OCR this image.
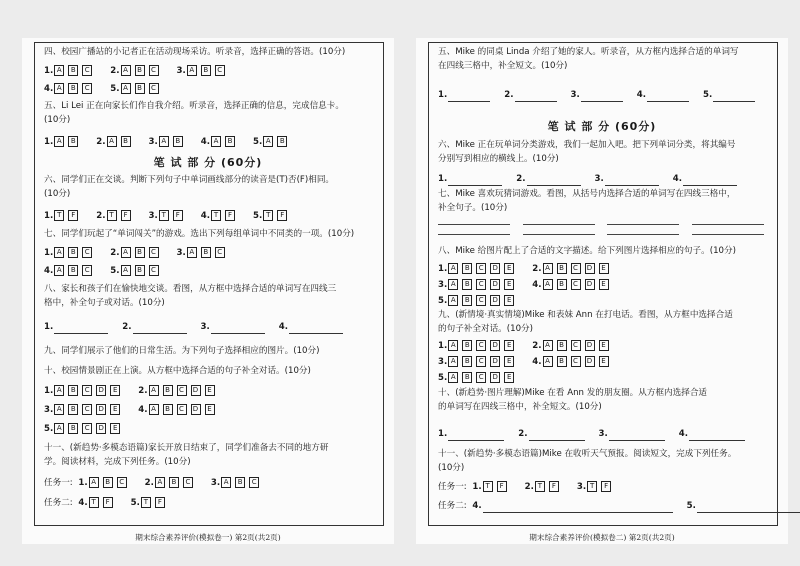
四、校园广播站的小记者正在活动现场采访。听录音，选择正确的答语。(10分)
1. A B C 2. A B C 3. A B C
4. A B C 5. A B C
五、Li Lei 正在向家长们作自我介绍。听录音，选择正确的信息，完成信息卡。
(10分)
1. A B 2. A B 3. A B 4. A B 5. A B
笔 试 部 分 (60分)
六、同学们正在交谈。判断下列句子中单词画线部分的读音是(T)否(F)相同。
(10分)
1. T F 2. T F 3. T F 4. T F 5. T F
七、同学们玩起了“单词闯关”的游戏。选出下列每组单词中不同类的一项。(10分)
1. A B C 2. A B C 3. A B C
4. A B C 5. A B C
八、家长和孩子们在愉快地交谈。看图，从方框中选择合适的单词写在四线三
格中，补全句子或对话。(10分)
1.	2.	3.	4.
九、同学们展示了他们的日常生活。为下列句子选择相应的图片。(10分)
十、校园情景剧正在上演。从方框中选择合适的句子补全对话。(10分)
1. A B C D E 2. A B C D E
3. A B C D E 4. A B C D E
5. A B C D E
十一、(新趋势·多模态语篇)家长开放日结束了，同学们准备去不同的地方研
学。阅读材料，完成下列任务。(10分)
任务一: 1. A B C 2. A B C 3. A B C
任务二: 4. T F 5. T F
期末综合素养评价(模拟卷一) 第2页(共2页)
五、Mike 的同桌 Linda 介绍了她的家人。听录音，从方框内选择合适的单词写
在四线三格中，补全短文。(10分)
1.	2.	3.	4.	5.
笔 试 部 分 (60分)
六、Mike 正在玩单词分类游戏，我们一起加入吧。把下列单词分类，将其编号
分别写到相应的横线上。(10分)
1.	2.	3.	4.
七、Mike 喜欢玩猜词游戏。看图，从括号内选择合适的单词写在四线三格中，
补全句子。(10分)

八、Mike 给图片配上了合适的文字描述。给下列图片选择相应的句子。(10分)
1. A B C D E 2. A B C D E
3. A B C D E 4. A B C D E
5. A B C D E
九、(新情境·真实情境)Mike 和表妹 Ann 在打电话。看图，从方框中选择合适
的句子补全对话。(10分)
1. A B C D E 2. A B C D E
3. A B C D E 4. A B C D E
5. A B C D E
十、(新趋势·图片理解)Mike 在看 Ann 发的朋友圈。从方框内选择合适
的单词写在四线三格中，补全短文。(10分)
1.	2.	3.	4.
十一、(新趋势·多模态语篇)Mike 在收听天气预报。阅读短文，完成下列任务。
(10分)
任务一: 1. T F 2. T F 3. T F
任务二: 4.	5.
期末综合素养评价(模拟卷二) 第2页(共2页)
